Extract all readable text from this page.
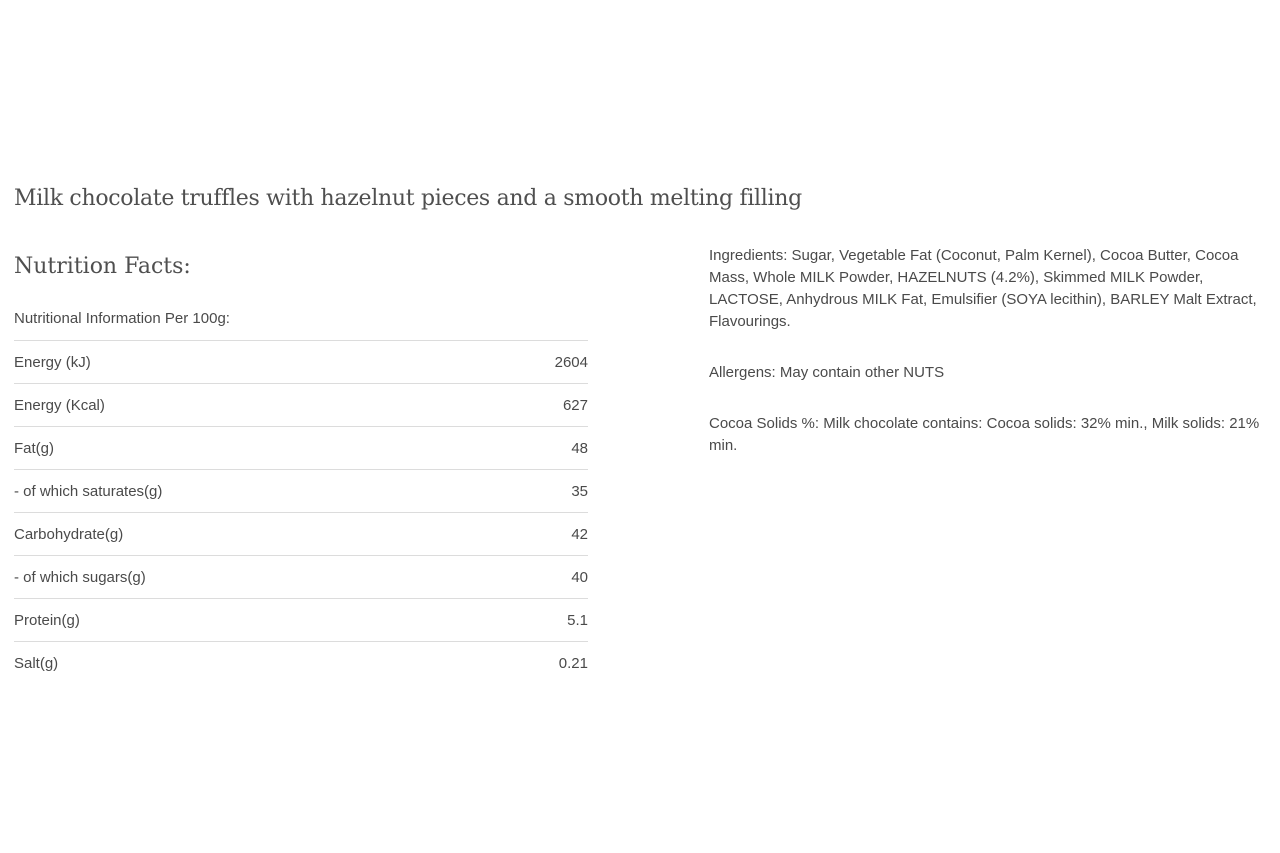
Milk chocolate truffles with hazelnut pieces and a smooth melting filling
Nutrition Facts:

Nutritional Information Per 100g:

Energy (kJ)	2604
Energy (Kcal)	627
Fat(g)	48
- of which saturates(g)	35
Carbohydrate(g)	42
- of which sugars(g)	40
Protein(g)	5.1
Salt(g)	0.21

Ingredients: Sugar, Vegetable Fat (Coconut, Palm Kernel), Cocoa Butter, Cocoa Mass, Whole MILK Powder, HAZELNUTS (4.2%), Skimmed MILK Powder, LACTOSE, Anhydrous MILK Fat, Emulsifier (SOYA lecithin), BARLEY Malt Extract, Flavourings.

Allergens: May contain other NUTS

Cocoa Solids %: Milk chocolate contains: Cocoa solids: 32% min., Milk solids: 21% min.
